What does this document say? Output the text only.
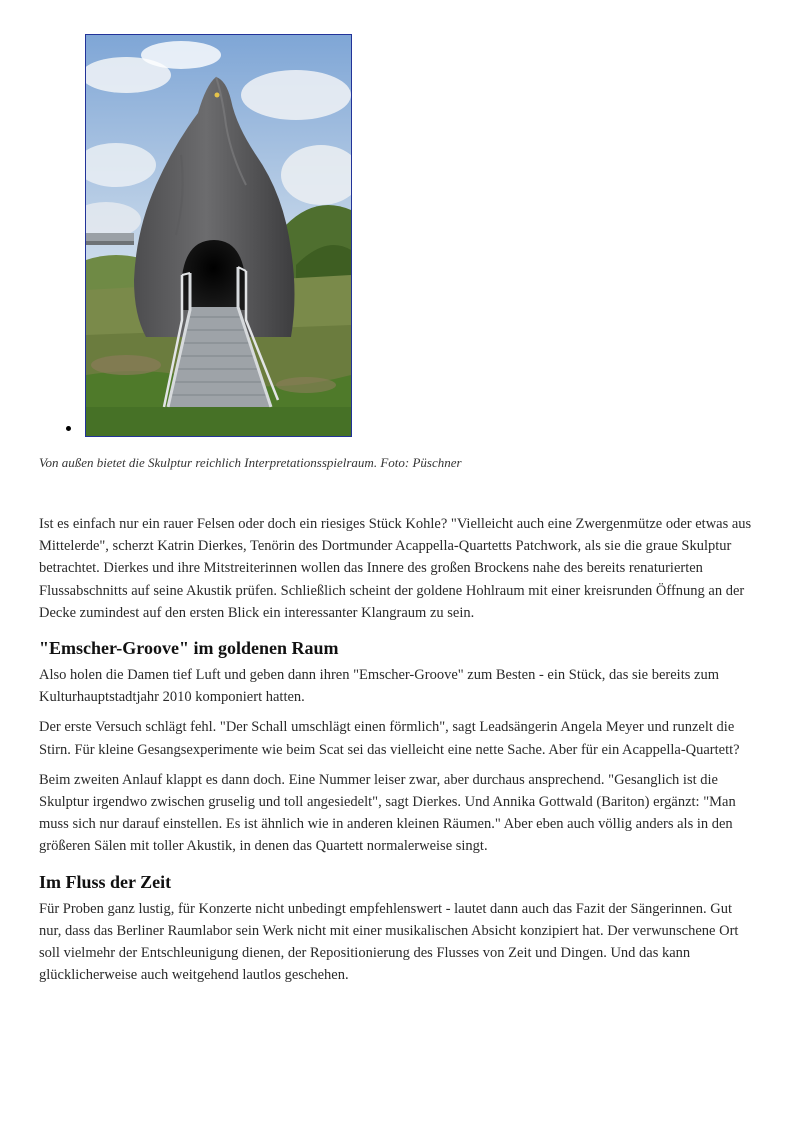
Von außen bietet die Skulptur reichlich Interpretationsspielraum. Foto: Püschner

Ist es einfach nur ein rauer Felsen oder doch ein riesiges Stück Kohle? "Vielleicht auch eine Zwergenmütze oder etwas aus Mittelerde", scherzt Katrin Dierkes, Tenörin des Dortmunder Acappella-Quartetts Patchwork, als sie die graue Skulptur betrachtet. Dierkes und ihre Mitstreiterinnen wollen das Innere des großen Brockens nahe des bereits renaturierten Flussabschnitts auf seine Akustik prüfen. Schließlich scheint der goldene Hohlraum mit einer kreisrunden Öffnung an der Decke zumindest auf den ersten Blick ein interessanter Klangraum zu sein.

"Emscher-Groove" im goldenen Raum

Also holen die Damen tief Luft und geben dann ihren "Emscher-Groove" zum Besten - ein Stück, das sie bereits zum Kulturhauptstadtjahr 2010 komponiert hatten.

Der erste Versuch schlägt fehl. "Der Schall umschlägt einen förmlich", sagt Leadsängerin Angela Meyer und runzelt die Stirn. Für kleine Gesangsexperimente wie beim Scat sei das vielleicht eine nette Sache. Aber für ein Acappella-Quartett?

Beim zweiten Anlauf klappt es dann doch. Eine Nummer leiser zwar, aber durchaus ansprechend. "Gesanglich ist die Skulptur irgendwo zwischen gruselig und toll angesiedelt", sagt Dierkes. Und Annika Gottwald (Bariton) ergänzt: "Man muss sich nur darauf einstellen. Es ist ähnlich wie in anderen kleinen Räumen." Aber eben auch völlig anders als in den größeren Sälen mit toller Akustik, in denen das Quartett normalerweise singt.

Im Fluss der Zeit

Für Proben ganz lustig, für Konzerte nicht unbedingt empfehlenswert - lautet dann auch das Fazit der Sängerinnen. Gut nur, dass das Berliner Raumlabor sein Werk nicht mit einer musikalischen Absicht konzipiert hat. Der verwunschene Ort soll vielmehr der Entschleunigung dienen, der Repositionierung des Flusses von Zeit und Dingen. Und das kann glücklicherweise auch weitgehend lautlos geschehen.
